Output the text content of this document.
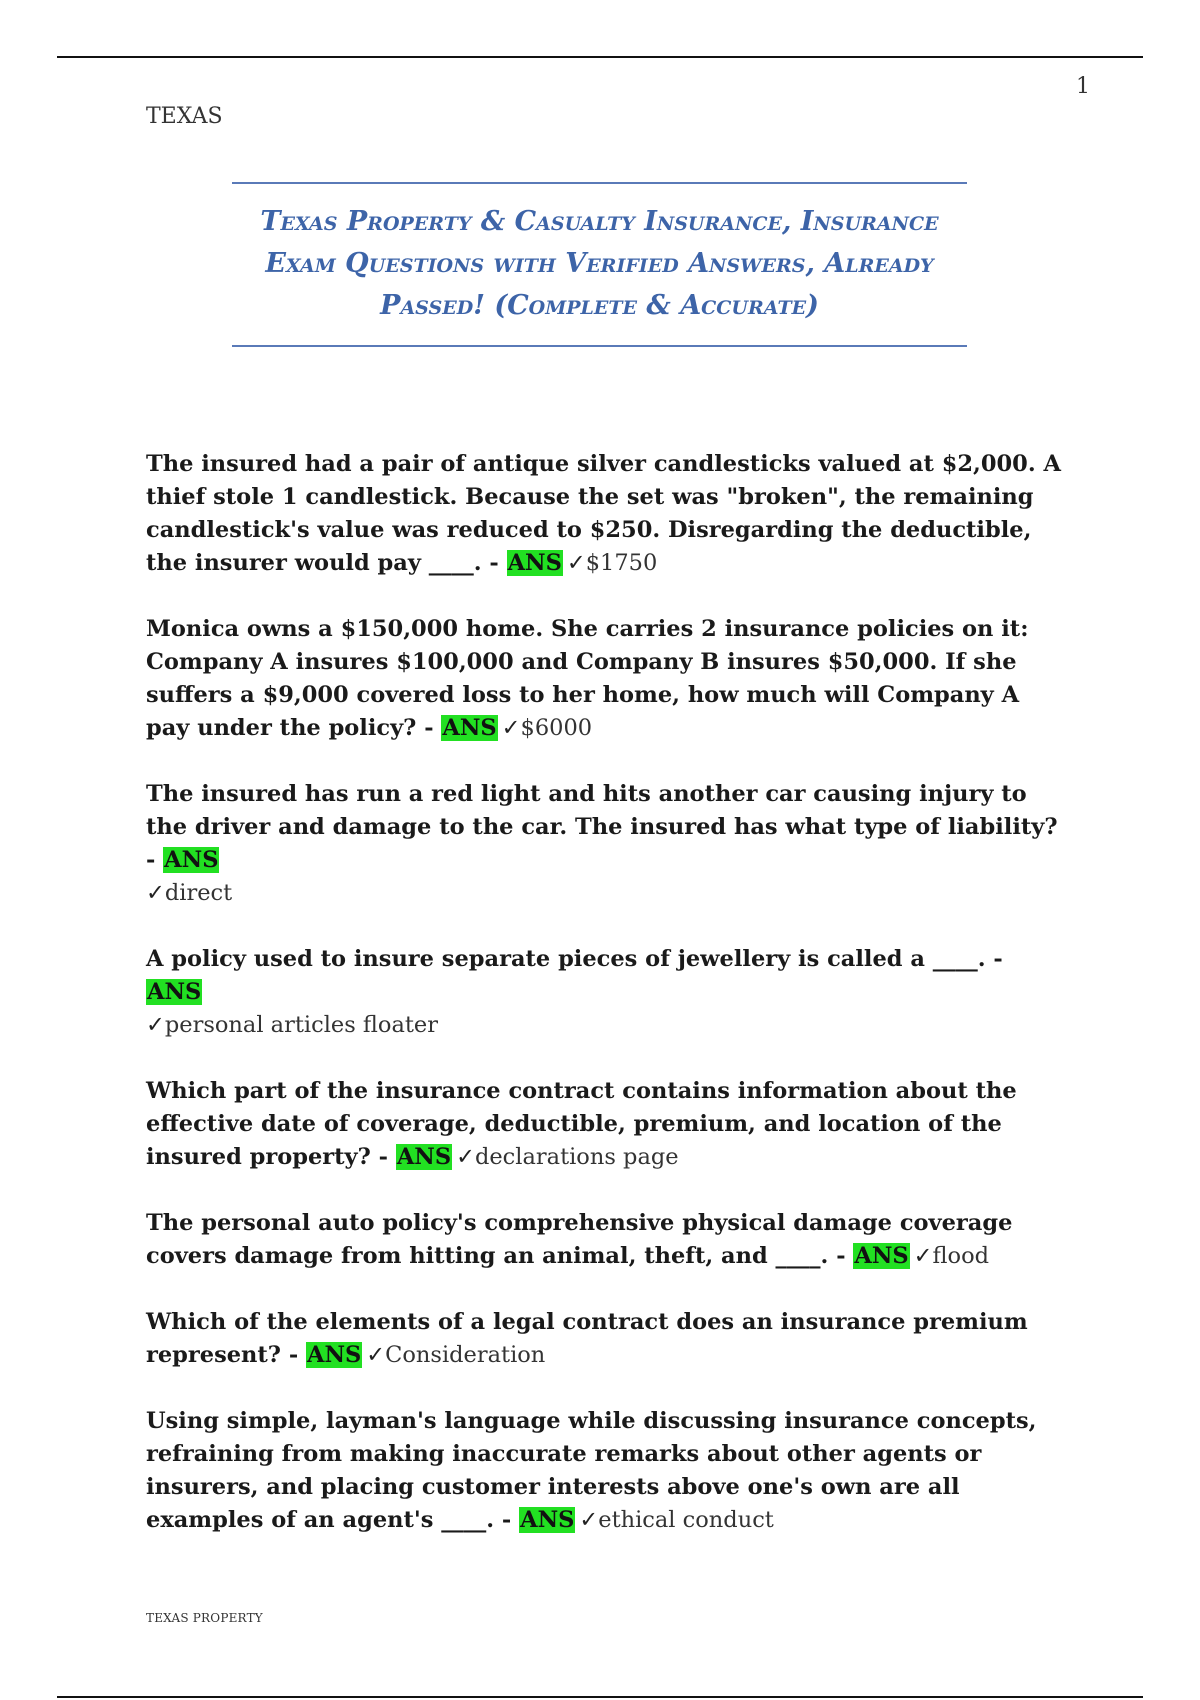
1
TEXAS
Texas Property & Casualty Insurance, Insurance
Exam Questions with Verified Answers, Already
Passed! (Complete & Accurate)
The insured had a pair of antique silver candlesticks valued at $2,000. A thief stole 1 candlestick. Because the set was "broken", the remaining candlestick's value was reduced to $250. Disregarding the deductible, the insurer would pay ____. - ANS ✓$1750
Monica owns a $150,000 home. She carries 2 insurance policies on it: Company A insures $100,000 and Company B insures $50,000. If she suffers a $9,000 covered loss to her home, how much will Company A pay under the policy? - ANS ✓$6000
The insured has run a red light and hits another car causing injury to the driver and damage to the car. The insured has what type of liability? - ANS
✓direct
A policy used to insure separate pieces of jewellery is called a ____. - ANS
✓personal articles floater
Which part of the insurance contract contains information about the effective date of coverage, deductible, premium, and location of the insured property? - ANS ✓declarations page
The personal auto policy's comprehensive physical damage coverage covers damage from hitting an animal, theft, and ____. - ANS ✓flood
Which of the elements of a legal contract does an insurance premium represent? - ANS ✓Consideration
Using simple, layman's language while discussing insurance concepts, refraining from making inaccurate remarks about other agents or insurers, and placing customer interests above one's own are all examples of an agent's ____. - ANS ✓ethical conduct
TEXAS PROPERTY
